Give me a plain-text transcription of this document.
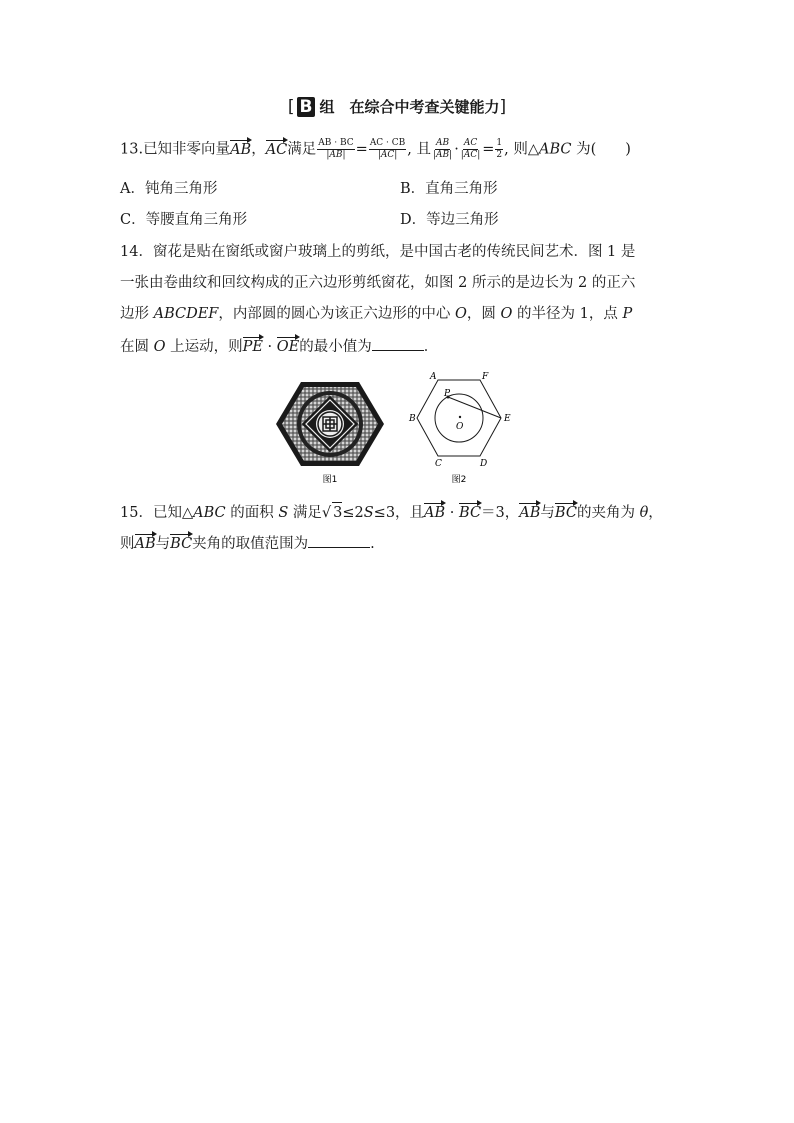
[ B 组　在综合中考查关键能力]
13.已知非零向量AB，AC满足 $\frac{AB \cdot BC}{|AB|} = \frac{AC \cdot CB}{|AC|}$ , 且 $\frac{AB}{|AB|} \cdot \frac{AC}{|AC|} = \frac{1}{2}$ , 则△ABC 为(　　)
A．钝角三角形	B．直角三角形
C．等腰直角三角形	D．等边三角形
14．窗花是贴在窗纸或窗户玻璃上的剪纸，是中国古老的传统民间艺术．图 1 是
一张由卷曲纹和回纹构成的正六边形剪纸窗花，如图 2 所示的是边长为 2 的正六
边形 ABCDEF，内部圆的圆心为该正六边形的中心 O，圆 O 的半径为 1，点 P
在圆 O 上运动，则PE · OE的最小值为	．
图1
A	F
B	E
C	D
P
O
图2
15．已知△ABC 的面积 S 满足√ 3≤2S≤3，且AB · BC＝3，AB与BC的夹角为 θ，
则AB与BC夹角的取值范围为	.
